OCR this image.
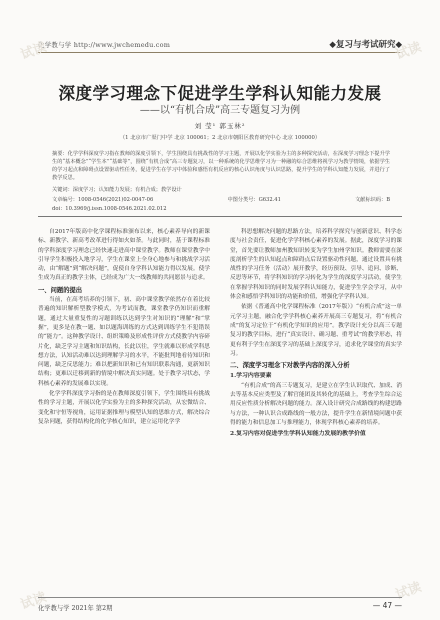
化学教与学 http://www.jwchemedu.com	◆复习与考试研究◆
试读	试读
试读	试读
深度学习理念下促进学生学科认知能力发展
——以“有机合成”高三专题复习为例
刘 莹¹ 郭玉林²
（1 北京市广渠门中学 北京 100061；2 北京市朝阳区教育研究中心 北京 100000）
摘要：化学学科深度学习指在教师的深度引领下，学生围绕具有挑战性的学习主题，开展以化学实验为主的多种探究活动，在深度学习理念下提升学生的“基本概念”“学生本”“基础等”，围绕“有机合成”高三专题复习，以一种系统的化学思维学习为一种融的综合思维将视学习为教学情境，依据学生的学习起点和障碍点设置驱动性任务，促进学生在学习中体验和感悟有机反应的核心认识角度与认识思路，提升学生的学科认知能力发展，并进行了教学反思。
关键词：深度学习；认知能力发展；有机合成；教学设计
文章编号：1008-0546(2021)02-0047-06	中图分类号：G632.41	文献标识码：B
doi：10.3969/j.issn.1008-0546.2021.02.012

自2017年版高中化学课程标准颁布以来，核心素养导向的新课标、新教学、新高考改革进行得如火如荼。与此同时，基于课程标准的学科深度学习理念已经快速走进高中课堂教学。教师在课堂教学中引导学生积极投入地学习，学生在课堂上全身心地参与和挑战学习活动，由“解题”到“解决问题”，促使自身学科认知能力得以发展。使学生成为真正的教学主体，已经成为广大一线教师的共同愿景与追求。

一、问题的提出

当前，在高考培养的引领下，初、高中课堂教学依然存在着比较普遍的知识解析型教学模式，为考试而教，课堂教学仍知识而重解题，通过大量重复性的习题训练以达到学生对知识的“理解”和“掌握”，更多是在教一题、如以题海训练的方式达到训练学生不犯错误的“能力”。这种教学设计、组织策略及形成性评价方式使教学内容碎片化，缺乏学习主题和知识结构，长此以往，学生就难以形成学科思想方法，认知活动难以达到理解学习的水平，不能批判地看待知识和问题，缺乏反思能力；难以把新知识和已有知识联系沟通，更新知识结构；更难以迁移到新的情境中解决真实问题。处于教学习状态，学科核心素养的发展难以实现。

化学学科深度学习指的是在教师深度引领下，学生围绕具有挑战性的学习主题，开展以化学实验为主的多种探究活动，从宏微结合、变化和守恒等视角，运用证据推理与模型认知的思维方式，解决综合复杂问题，获得结构化的化学核心知识，建立运用化学学

科思想解决问题的思路方法，培养科学探究与创新意识、科学态度与社会责任，促进化学学科核心素养的发展。据此，深度学习的课堂，首先要让教师加州教知识转变为学生加州学知识。教师需要在深度剖析学生的认知起点和障碍点后设置驱动性问题，通过设置具有挑战性的学习任务（活动）展开教学，经历预设、引导、追问、诊断、反思等环节，将学科知识的学习转化为学生的深度学习活动，使学生在掌握学科知识的同时发展学科认知能力，促进学生学会学习，从中体会和感悟学科知识的功能和价值，增强化学学科认知。

依据《普通高中化学课程标准（2017年版）》“有机合成”这一单元学习主题，融合化学学科核心素养开展高三专题复习，将“有机合成”的复习定位于“有机化学知识的应用”。教学设计充分以高三专题复习的教学目标，进行“真实设计、确习题、重考试”的教学形态，将更有利于学生在深度学习的基础上深度学习，追求化学课堂的真实学习。

二、深度学习理念下对教学内容的深入分析
1.学习内容要素

“有机合成”的高三专题复习，是建立在学生认识取代、加成、消去等基本反应类型及了解官能团及其转化的基础上，考查学生综合运用反应性质分析解决问题的能力。深入设计研究合成路线的构建思路与方法，一种认识合成路线的一般方法，提升学生在新情境问题中获得的能力和信息加工与推理能力，体现学科核心素养的培养。

2.复习内容对促进学生学科认知能力发展的教学价值
化学教与学 2021年 第2期	— 47 —
